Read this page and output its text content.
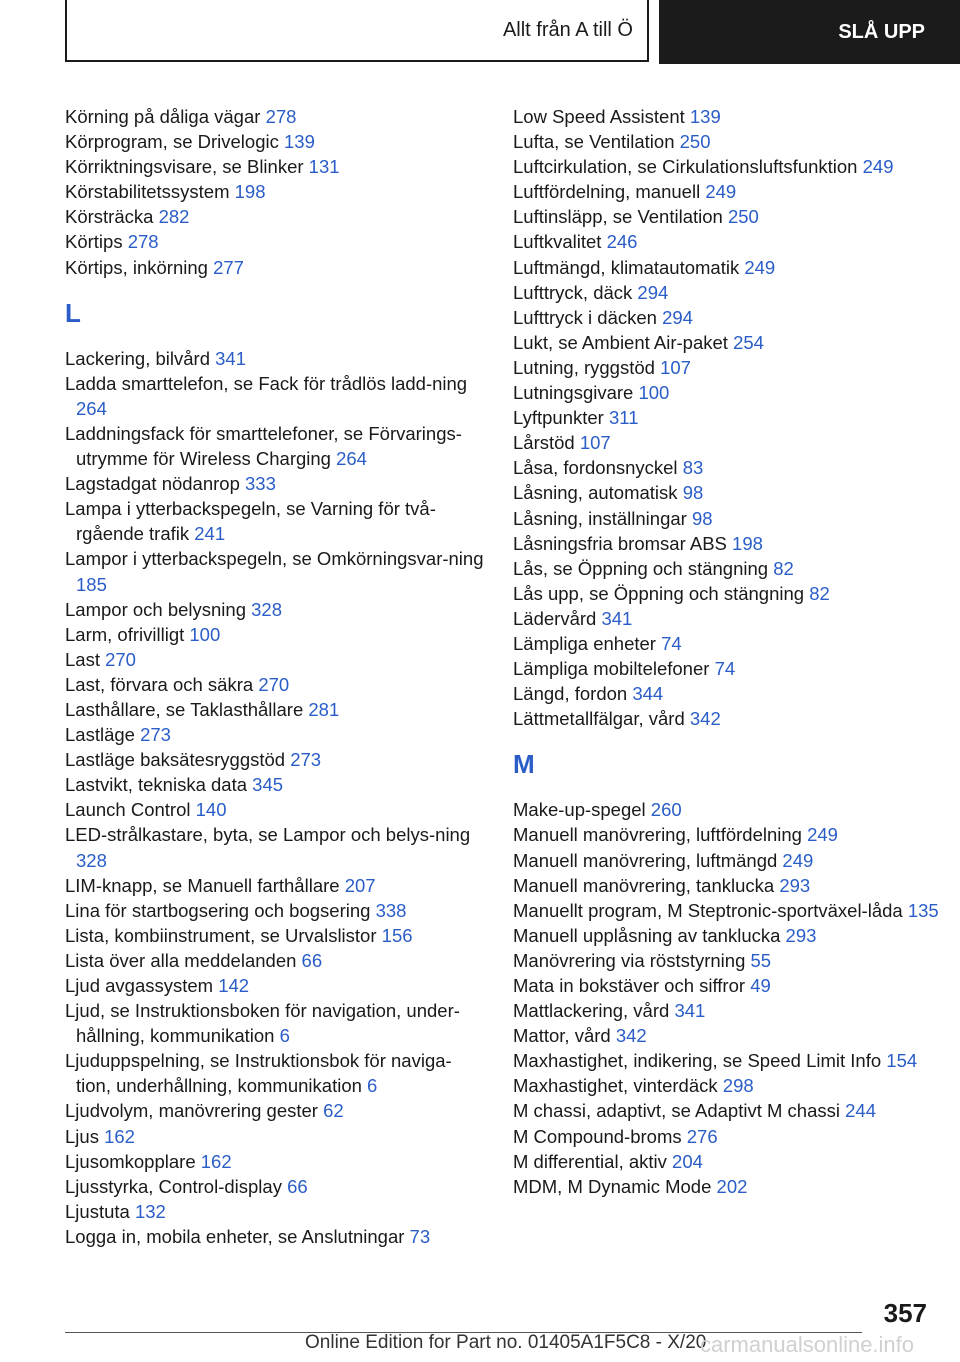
Allt från A till Ö	SLÅ UPP
Körning på dåliga vägar 278
Körprogram, se Drivelogic 139
Körriktningsvisare, se Blinker 131
Körstabilitetssystem 198
Körsträcka 282
Körtips 278
Körtips, inkörning 277
L
Lackering, bilvård 341
Ladda smarttelefon, se Fack för trådlös ladd-ning 264
Laddningsfack för smarttelefoner, se Förvarings-utrymme för Wireless Charging 264
Lagstadgat nödanrop 333
Lampa i ytterbackspegeln, se Varning för två-rgående trafik 241
Lampor i ytterbackspegeln, se Omkörningsvar-ning 185
Lampor och belysning 328
Larm, ofrivilligt 100
Last 270
Last, förvara och säkra 270
Lasthållare, se Taklasthållare 281
Lastläge 273
Lastläge baksätesryggstöd 273
Lastvikt, tekniska data 345
Launch Control 140
LED-strålkastare, byta, se Lampor och belys-ning 328
LIM-knapp, se Manuell farthållare 207
Lina för startbogsering och bogsering 338
Lista, kombiinstrument, se Urvalslistor 156
Lista över alla meddelanden 66
Ljud avgassystem 142
Ljud, se Instruktionsboken för navigation, under-hållning, kommunikation 6
Ljuduppspelning, se Instruktionsbok för naviga-tion, underhållning, kommunikation 6
Ljudvolym, manövrering gester 62
Ljus 162
Ljusomkopplare 162
Ljusstyrka, Control-display 66
Ljustuta 132
Logga in, mobila enheter, se Anslutningar 73
Low Speed Assistent 139
Lufta, se Ventilation 250
Luftcirkulation, se Cirkulationsluftsfunktion 249
Luftfördelning, manuell 249
Luftinsläpp, se Ventilation 250
Luftkvalitet 246
Luftmängd, klimatautomatik 249
Lufttryck, däck 294
Lufttryck i däcken 294
Lukt, se Ambient Air-paket 254
Lutning, ryggstöd 107
Lutningsgivare 100
Lyftpunkter 311
Lårstöd 107
Låsa, fordonsnyckel 83
Låsning, automatisk 98
Låsning, inställningar 98
Låsningsfria bromsar ABS 198
Lås, se Öppning och stängning 82
Lås upp, se Öppning och stängning 82
Lädervård 341
Lämpliga enheter 74
Lämpliga mobiltelefoner 74
Längd, fordon 344
Lättmetallfälgar, vård 342
M
Make-up-spegel 260
Manuell manövrering, luftfördelning 249
Manuell manövrering, luftmängd 249
Manuell manövrering, tanklucka 293
Manuellt program, M Steptronic-sportväxel-låda 135
Manuell upplåsning av tanklucka 293
Manövrering via röststyrning 55
Mata in bokstäver och siffror 49
Mattlackering, vård 341
Mattor, vård 342
Maxhastighet, indikering, se Speed Limit Info 154
Maxhastighet, vinterdäck 298
M chassi, adaptivt, se Adaptivt M chassi 244
M Compound-broms 276
M differential, aktiv 204
MDM, M Dynamic Mode 202
357
Online Edition for Part no. 01405A1F5C8 - X/20
carmanualsonline.info
